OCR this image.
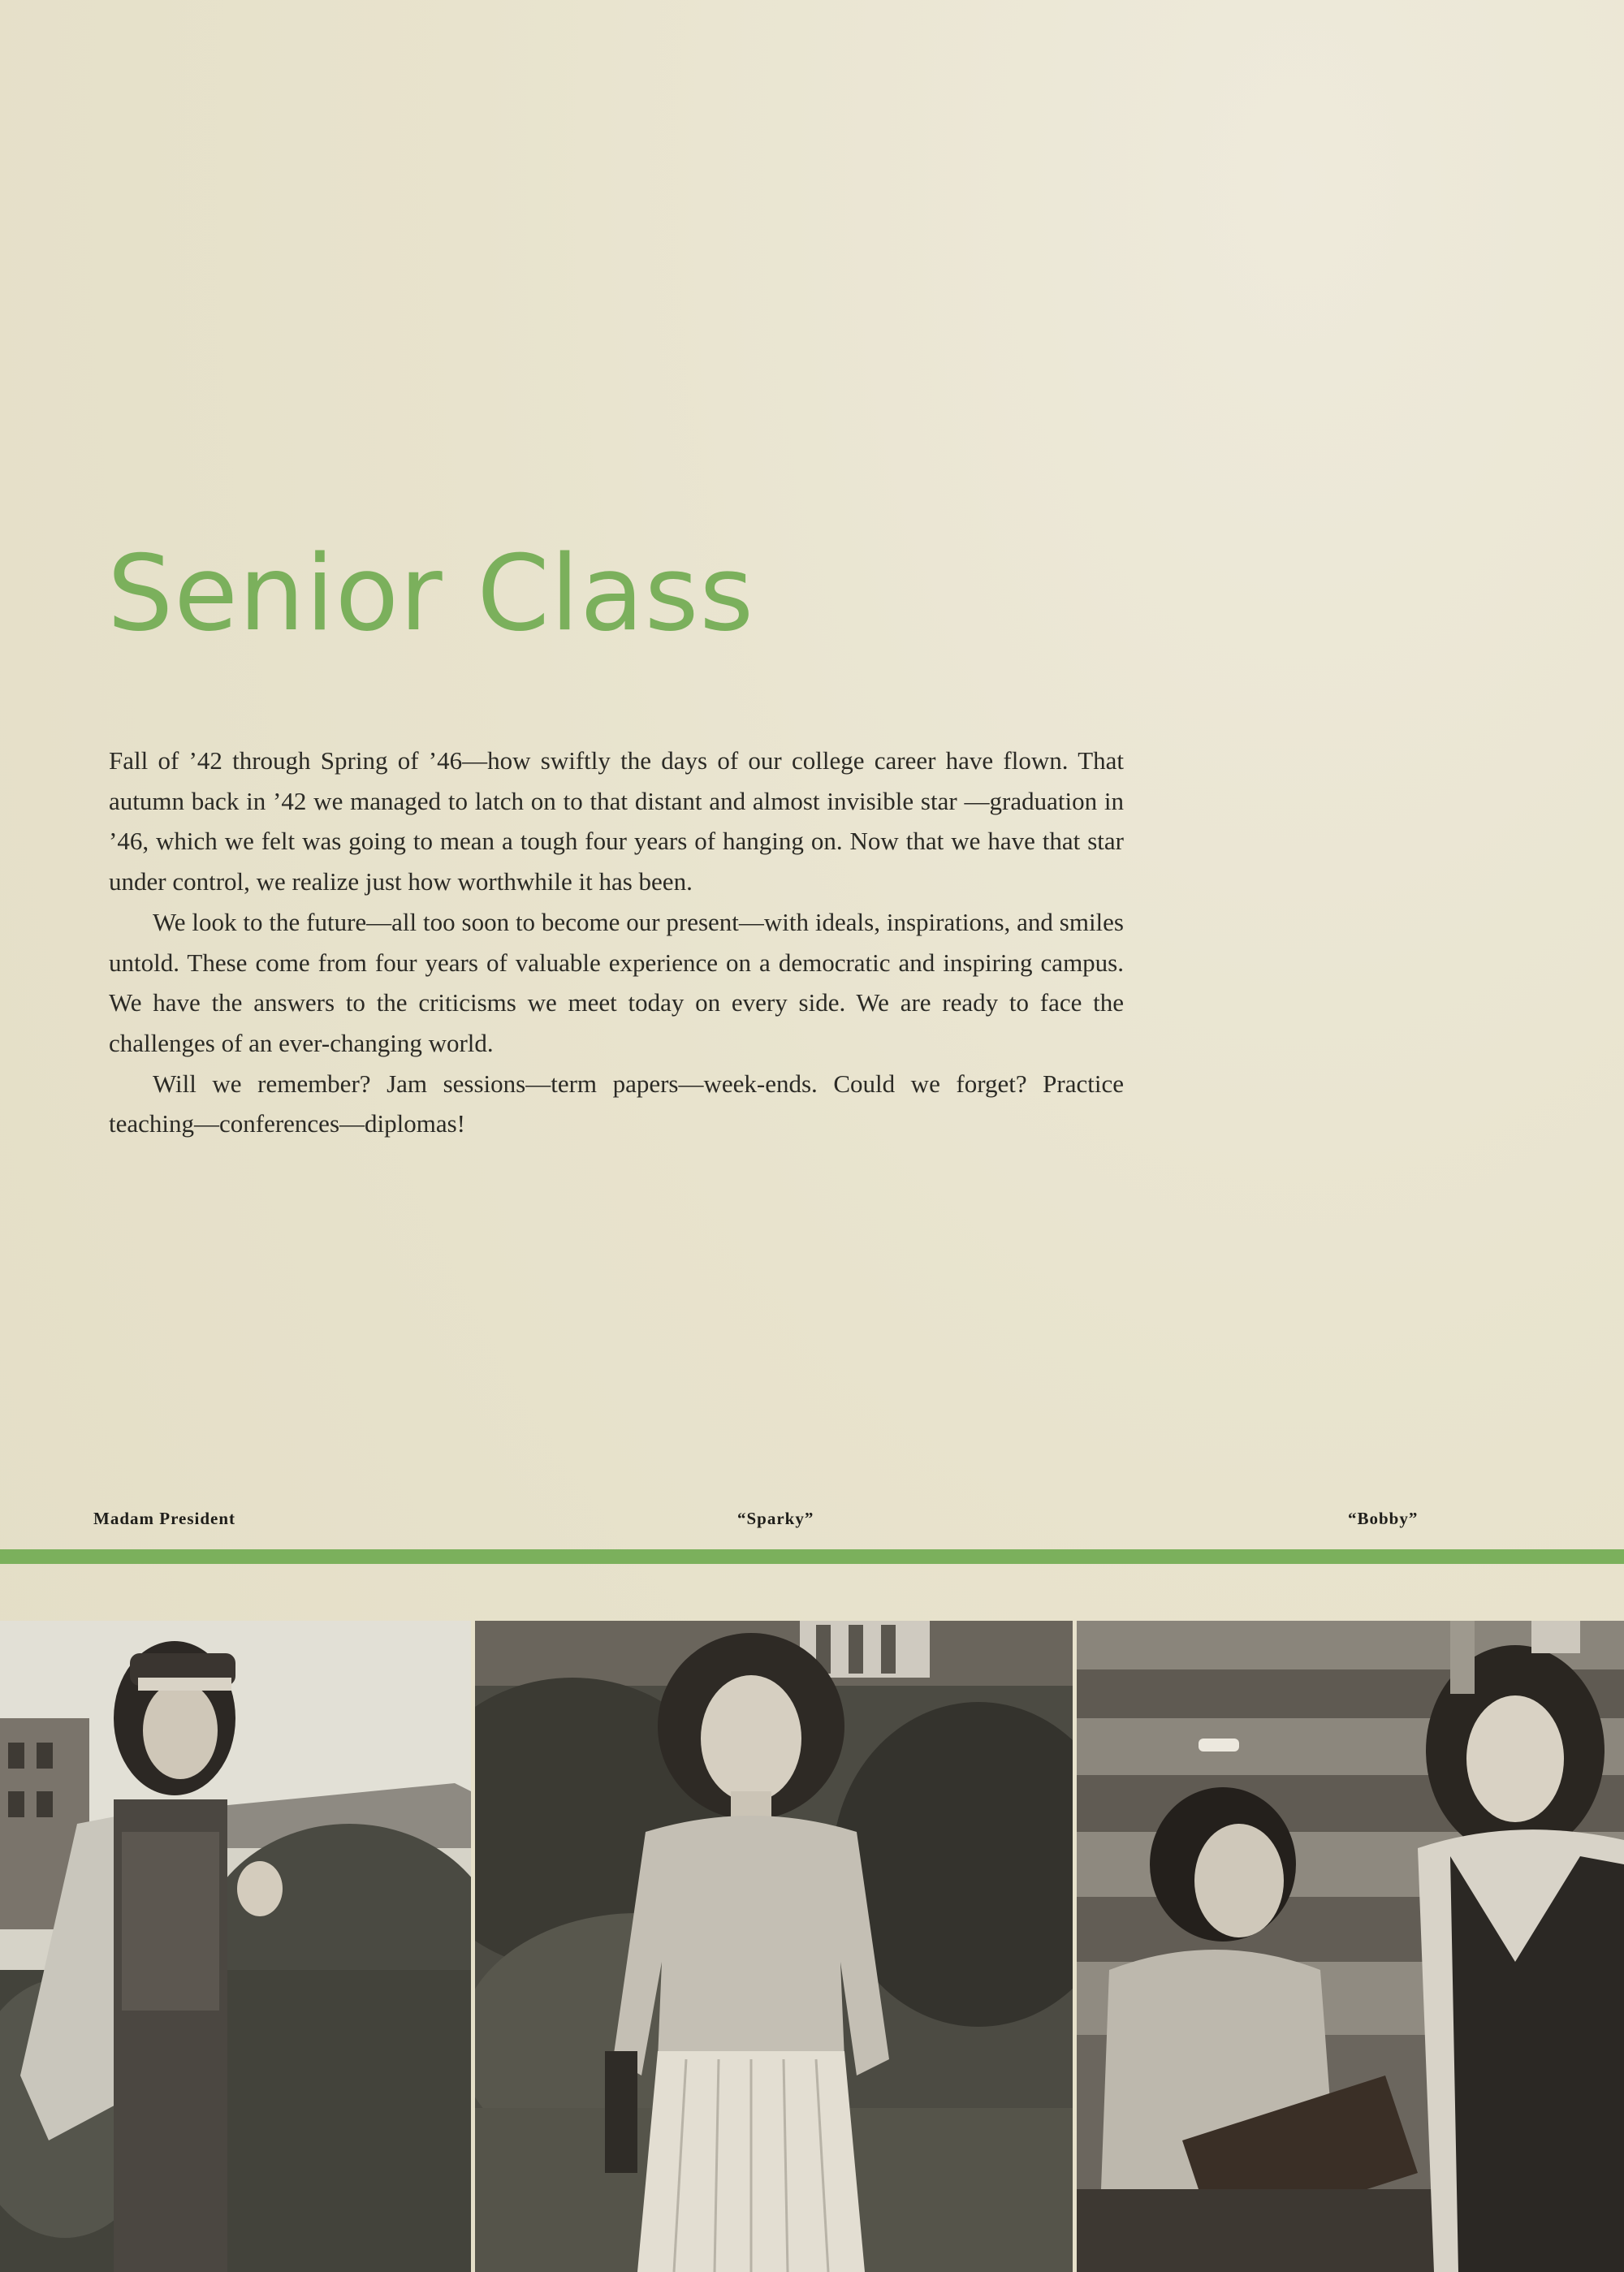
Senior Class

Fall of ’42 through Spring of ’46—how swiftly the days of our college career have flown. That autumn back in ’42 we managed to latch on to that distant and almost invisible star —graduation in ’46, which we felt was going to mean a tough four years of hanging on. Now that we have that star under control, we realize just how worthwhile it has been.

We look to the future—all too soon to become our present—with ideals, inspirations, and smiles untold. These come from four years of valuable experience on a democratic and inspiring campus. We have the answers to the criticisms we meet today on every side. We are ready to face the challenges of an ever-changing world.

Will we remember? Jam sessions—term papers—week-ends. Could we forget? Practice teaching—conferences—diplomas!

Madam President	“Sparky”	“Bobby”
